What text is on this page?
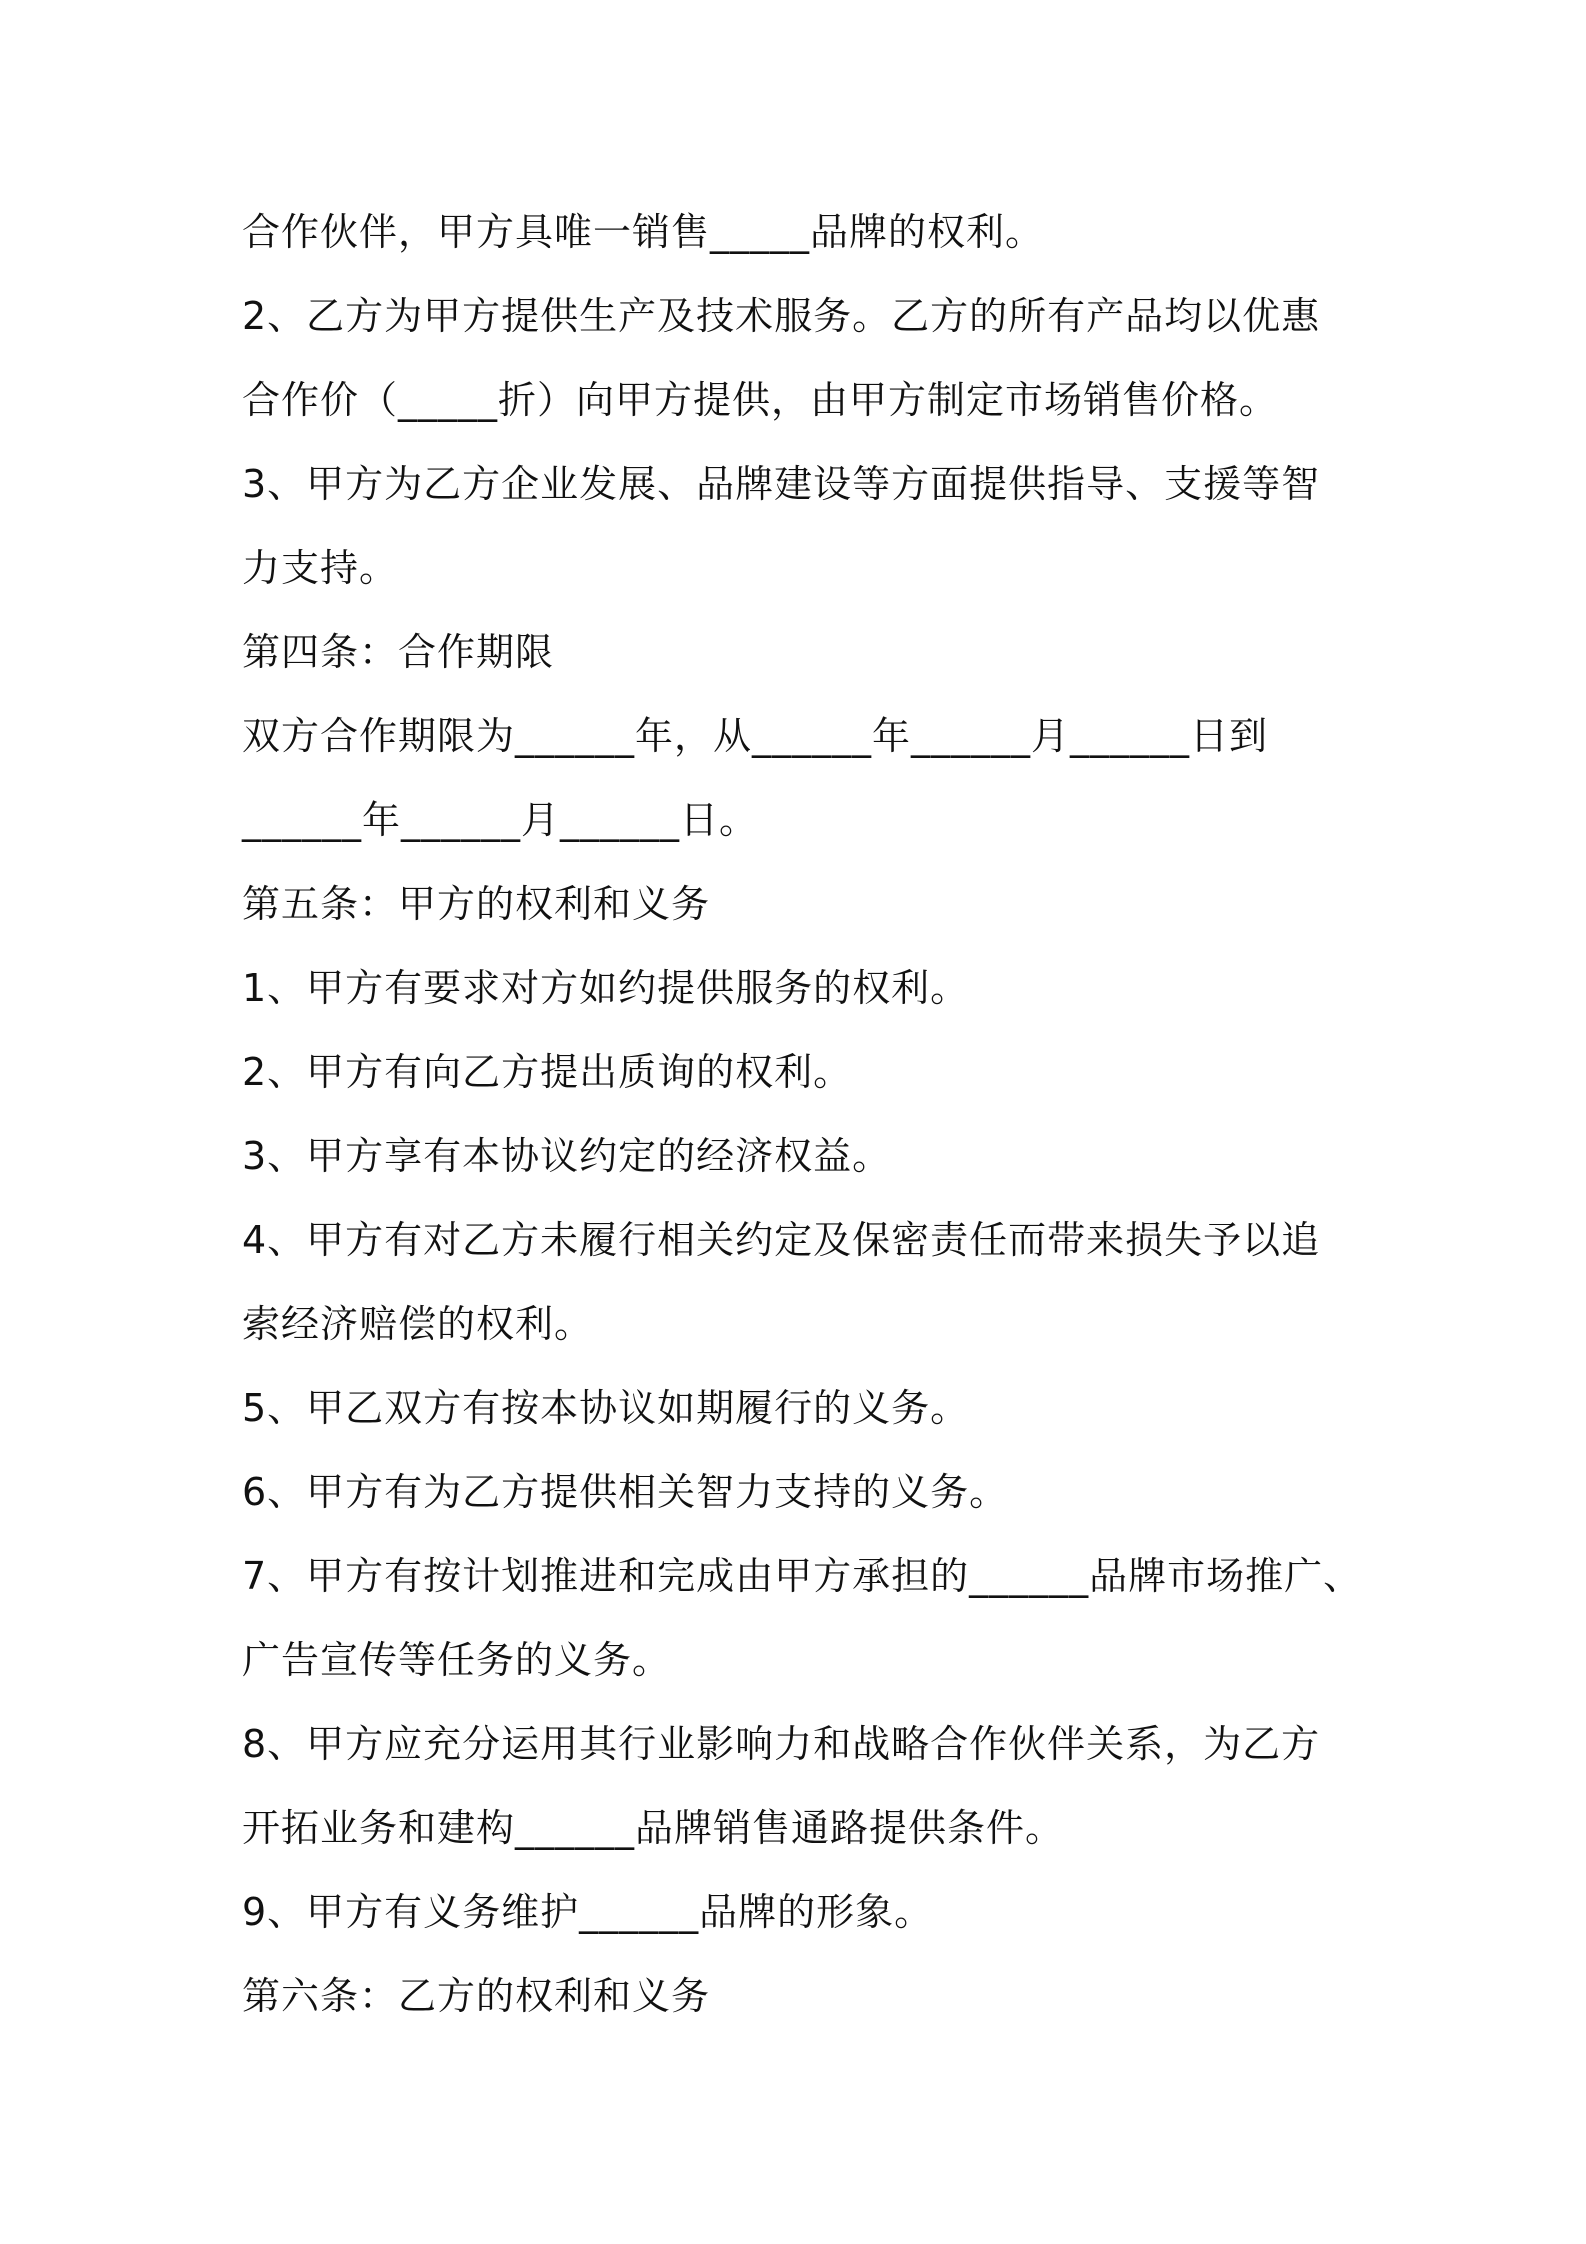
合作伙伴，甲方具唯一销售_____品牌的权利。

2、乙方为甲方提供生产及技术服务。乙方的所有产品均以优惠

合作价（_____折）向甲方提供，由甲方制定市场销售价格。

3、甲方为乙方企业发展、品牌建设等方面提供指导、支援等智

力支持。

第四条：合作期限

双方合作期限为______年，从______年______月______日到

______年______月______日。

第五条：甲方的权利和义务

1、甲方有要求对方如约提供服务的权利。

2、甲方有向乙方提出质询的权利。

3、甲方享有本协议约定的经济权益。

4、甲方有对乙方未履行相关约定及保密责任而带来损失予以追

索经济赔偿的权利。

5、甲乙双方有按本协议如期履行的义务。

6、甲方有为乙方提供相关智力支持的义务。

7、甲方有按计划推进和完成由甲方承担的______品牌市场推广、

广告宣传等任务的义务。

8、甲方应充分运用其行业影响力和战略合作伙伴关系，为乙方

开拓业务和建构______品牌销售通路提供条件。

9、甲方有义务维护______品牌的形象。

第六条：乙方的权利和义务
